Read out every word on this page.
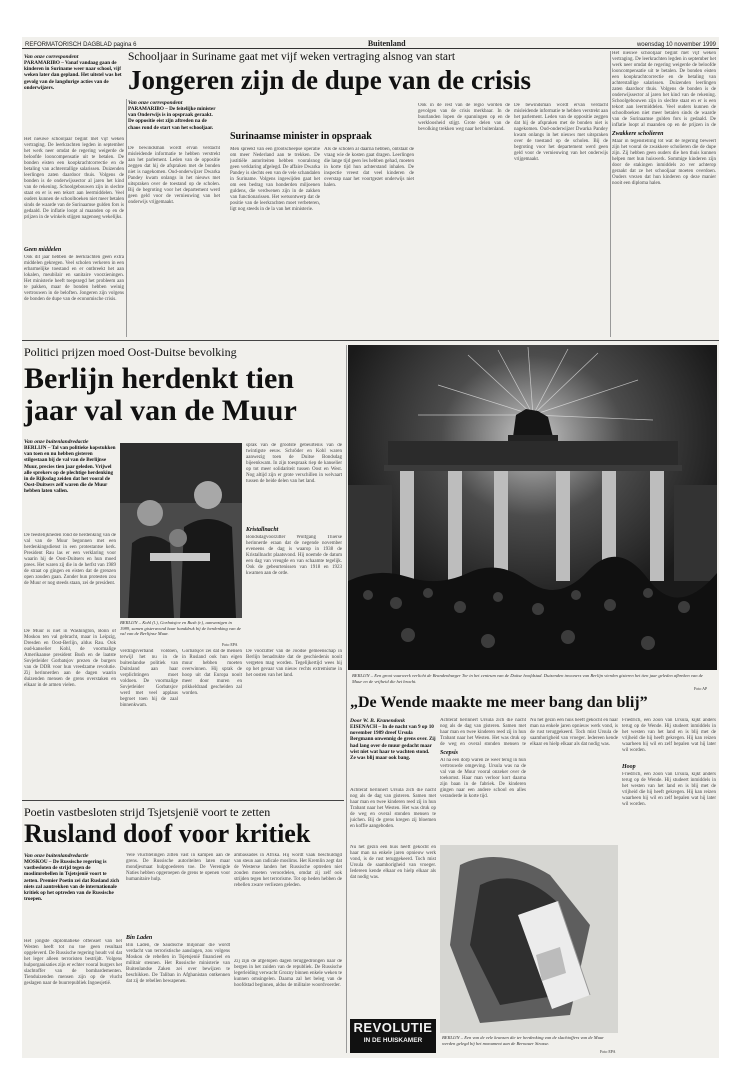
REFORMATORISCH DAGBLAD pagina 6	Buitenland	woensdag 10 november 1999
Van onze correspondent
PARAMARIBO – Vanaf vandaag gaan de kinderen in Suriname weer naar school, vijf weken later dan gepland. Het uitstel was het gevolg van de langdurige acties van de onderwijzers.
Het nieuwe schooljaar begint met vijf weken vertraging. De leerkrachten legden in september het werk neer omdat de regering weigerde de beloofde looncompensatie uit te betalen. De bonden eisten een koopkrachtcorrectie en de betaling van achterstallige salarissen. Duizenden leerlingen zaten daardoor thuis. Volgens de bonden is de onderwijssector al jaren het kind van de rekening. Schoolgebouwen zijn in slechte staat en er is een tekort aan leermiddelen. Veel ouders kunnen de schoolboeken niet meer betalen sinds de waarde van de Surinaamse gulden fors is gedaald. De inflatie loopt al maanden op en de prijzen in de winkels stijgen nagenoeg wekelijks.
Geen middelen
Ook dit jaar hebben de leerkrachten geen extra middelen gekregen. Veel scholen verkeren in een erbarmelijke toestand en er ontbreekt het aan lokalen, meubilair en sanitaire voorzieningen. Het ministerie heeft toegezegd het probleem aan te pakken, maar de bonden hebben weinig vertrouwen in de beloften. Jongeren zijn volgens de bonden de dupe van de economische crisis.
Schooljaar in Suriname gaat met vijf weken vertraging alsnog van start
Jongeren zijn de dupe van de crisis
Van onze correspondent
PARAMARIBO – De feitelijke minister van Onderwijs is in opspraak geraakt. De oppositie eist zijn aftreden na de chaos rond de start van het schooljaar.
De bewindsman wordt ervan verdacht misleidende informatie te hebben verstrekt aan het parlement. Leden van de oppositie zeggen dat hij de afspraken met de bonden niet is nagekomen. Oud-onderwijzer Dwarka Pandey kwam onlangs in het nieuws met uitspraken over de toestand op de scholen. Bij de begroting voor het departement werd geen geld voor de vernieuwing van het onderwijs vrijgemaakt.
Surinaamse minister in opspraak
Men spreekt van een grootscheepse operatie om meer Nederland aan te trekken. De justitiële autoriteiten hebben vooralsnog geen verklaring afgelegd. De affaire Dwarka Pandey is slechts een van de vele schandalen in Suriname. Volgens ingewijden gaat het om een bedrag van honderden miljoenen guldens, die verdwenen zijn in de zakken van functionarissen. Het wetsontwerp dat de positie van de leerkrachten moet verbeteren, ligt nog steeds in de la van het ministerie.
Als de scholen al daarna hebben, ontstaat de vraag wie de kosten gaat dragen. Leerlingen die lange tijd geen les hebben gehad, moeten in korte tijd hun achterstand inhalen. De inspectie vreest dat veel kinderen de overstap naar het voortgezet onderwijs niet halen.
Ook in de rest van de regio worden de gevolgen van de crisis merkbaar. In de buurlanden lopen de spanningen op en de werkloosheid stijgt. Grote delen van de bevolking trekken weg naar het buitenland.
De bewindsman wordt ervan verdacht misleidende informatie te hebben verstrekt aan het parlement. Leden van de oppositie zeggen dat hij de afspraken met de bonden niet is nagekomen. Oud-onderwijzer Dwarka Pandey kwam onlangs in het nieuws met uitspraken over de toestand op de scholen. Bij de begroting voor het departement werd geen geld voor de vernieuwing van het onderwijs vrijgemaakt.
Het nieuwe schooljaar begint met vijf weken vertraging. De leerkrachten legden in september het werk neer omdat de regering weigerde de beloofde looncompensatie uit te betalen. De bonden eisten een koopkrachtcorrectie en de betaling van achterstallige salarissen. Duizenden leerlingen zaten daardoor thuis. Volgens de bonden is de onderwijssector al jaren het kind van de rekening. Schoolgebouwen zijn in slechte staat en er is een tekort aan leermiddelen. Veel ouders kunnen de schoolboeken niet meer betalen sinds de waarde van de Surinaamse gulden fors is gedaald. De inflatie loopt al maanden op en de prijzen in de
Zwakkere scholieren
Maar in tegenstelling tot wat de regering beweert zijn het vooral de zwakkere scholieren die de dupe zijn. Zij hebben geen ouders die hen thuis kunnen helpen met hun huiswerk. Sommige kinderen zijn door de stakingen inmiddels zo ver achterop geraakt dat ze het schooljaar moeten overdoen. Ouders vrezen dat hun kinderen op deze manier nooit een diploma halen.
Politici prijzen moed Oost-Duitse bevolking
Berlijn herdenkt tien
jaar val van de Muur
Van onze buitenlandredactie
BERLIJN – Tal van politieke kopstukken van toen en nu hebben gisteren stilgestaan bij de val van de Berlijnse Muur, precies tien jaar geleden. Vrijwel alle sprekers op de plechtige herdenking in de Rijksdag zeiden dat het vooral de Oost-Duitsers zelf waren die de Muur hebben laten vallen.
De feestelijkheden rond de herdenking van de val van de Muur begonnen met een herdenkingsdienst in een protestantse kerk. President Rau las er een verklaring voor waarin hij de Oost-Duitsers en hun moed prees. Het waren zij die in de herfst van 1989 de straat op gingen en eisten dat de grenzen open zouden gaan. Zonder hun protesten zou de Muur er nog steeds staan, zei de president.
De Muur is niet in Washington, Bonn of Moskou ten val gebracht, maar in Leipzig, Dresden en Oost-Berlijn, aldus Rau. Ook oud-kanselier Kohl, de voormalige Amerikaanse president Bush en de laatste Sovjetleider Gorbatsjov prezen de burgers van de DDR voor hun vreedzame revolutie. Zij herinnerden aan de dagen waarin duizenden mensen de grens overstaken en elkaar in de armen vielen.
BERLIJN – Kohl (l.), Gorbatsjov en Bush (r.), aanwezigen in 1989, samen gisteravond haar handdruk bij de herdenking van de val van de Berlijnse Muur.
Foto EPA
verdragsverband voldoen, terwijl het nu in de buitenlandse politiek van Duitsland aan haar verplichtingen moet voldoen. De voormalige Sovjetleider Gorbatsjov werd met veel applaus begroet toen hij de zaal binnenkwam.
Gorbatsjov zei dat de mensen in Rusland ook hun eigen muur hebben moeten overwinnen. Hij sprak de hoop uit dat Europa nooit meer door muren en prikkeldraad gescheiden zal worden.
sprak van de grootste gebeurtenis van de twintigste eeuw. Schröder en Kohl waren aanwezig toen de Duitse Bondsdag bijeenkwam. In zijn toespraak riep de kanselier op tot meer solidariteit tussen Oost en West. Nog altijd zijn er grote verschillen in welvaart tussen de beide delen van het land.
Kristallnacht
Bondsdagvoorzitter Wolfgang Thierse herinnerde eraan dat de negende november eveneens de dag is waarop in 1938 de Kristallnacht plaatsvond. Hij noemde de datum een dag van vreugde en van schaamte tegelijk. Ook de gebeurtenissen van 1918 en 1923 kwamen aan de orde.
De voorzitter van de Joodse gemeenschap in Berlijn benadrukte dat de geschiedenis nooit vergeten mag worden. Tegelijkertijd wees hij op het gevaar van nieuw rechts extremisme in het oosten van het land.	BERLIJN – Een groot vuurwerk verlicht de Brandenburger Tor in het centrum van de Duitse hoofdstad. Duizenden inwoners van Berlijn vierden gisteren het tien jaar geleden afbreken van de Muur en de vrijheid die het bracht.
Foto AP
„De Wende maakte me meer bang dan blij”
Door W. B. Kranendonk
EISENACH – In de nacht van 9 op 10 november 1989 dreef Ursula Bergmann onwennig de grens over. Zij had lang over de muur gedacht maar wist niet wat haar te wachten stond. Ze was blij maar ook bang.
Achteraf herinnert Ursula zich die nacht nog als de dag van gisteren. Samen met haar man en twee kinderen reed zij in hun Trabant naar het Westen. Het was druk op de weg en overal stonden mensen te juichen. Bij de grens kregen zij bloemen en koffie aangeboden.
Achteraf herinnert Ursula zich die nacht nog als de dag van gisteren. Samen met haar man en twee kinderen reed zij in hun Trabant naar het Westen. Het was druk op de weg en overal stonden mensen te
Scepsis
Al na een dorp waren ze weer terug in hun vertrouwde omgeving. Ursula was na de val van de Muur vooral onzeker over de toekomst. Haar man verloor kort daarna zijn baan in de fabriek. De kinderen gingen naar een andere school en alles veranderde in korte tijd.
Nu het gezin een huis heeft gekocht en haar man na enkele jaren opnieuw werk vond, is de rust teruggekeerd. Toch mist Ursula de saamhorigheid van vroeger. Iedereen kende elkaar en hielp elkaar als dat nodig was.
Friedrich, een zoon van Ursula, kijkt anders terug op de Wende. Hij studeert inmiddels in het westen van het land en is blij met de vrijheid die hij heeft gekregen. Hij kan reizen waarheen hij wil en zelf bepalen wat hij later wil worden.
Hoop
Friedrich, een zoon van Ursula, kijkt anders terug op de Wende. Hij studeert inmiddels in het westen van het land en is blij met de vrijheid die hij heeft gekregen. Hij kan reizen waarheen hij wil en zelf bepalen wat hij later wil worden.
REVOLUTIE
IN DE HUISKAMER
Nu het gezin een huis heeft gekocht en haar man na enkele jaren opnieuw werk vond, is de rust teruggekeerd. Toch mist Ursula de saamhorigheid van vroeger. Iedereen kende elkaar en hielp elkaar als dat nodig was.
BERLIJN – Een van de vele kransen die ter herdenking van de slachtoffers van de Muur werden gelegd bij het monument aan de Bernauer Strasse.
Foto EPA
Poetin vastbesloten strijd Tsjetsjenië voort te zetten
Rusland doof voor kritiek
Van onze buitenlandredactie
MOSKOU – De Russische regering is vastbesloten de strijd tegen de moslimrebellen in Tsjetsjenië voort te zetten. Premier Poetin zei dat Rusland zich niets zal aantrekken van de internationale kritiek op het optreden van de Russische troepen.
Het jongste diplomatieke offensief van het Westen heeft tot nu toe geen resultaat opgeleverd. De Russische regering houdt vol dat het leger alleen terroristen bestrijdt. Volgens hulporganisaties zijn er echter vooral burgers het slachtoffer van de bombardementen. Tienduizenden mensen zijn op de vlucht geslagen naar de buurrepubliek Ingoesjetië.
Vele vluchtelingen zitten vast in kampen aan de grens. De Russische autoriteiten laten maar mondjesmaat hulpgoederen toe. De Verenigde Naties hebben opgeroepen de grens te openen voor humanitaire hulp.
Bin Laden
Bin Laden, de Saudische miljonair die wordt verdacht van terroristische aanslagen, zou volgens Moskou de rebellen in Tsjetsjenië financieel en militair steunen. Het Russische ministerie van Buitenlandse Zaken zei over bewijzen te beschikken. De Taliban in Afghanistan ontkennen dat zij de rebellen bewapenen.
ambassades in Afrika. Hij wordt vaak beschuldigd van steun aan radicale moslims. Het Kremlin zegt dat de Westerse landen het Russische optreden niet zouden moeten veroordelen, omdat zij zelf ook strijden tegen het terrorisme. Tot op heden hebben de rebellen zware verliezen geleden.
Zij zijn de afgelopen dagen teruggedrongen naar de bergen in het zuiden van de republiek. De Russische legerleiding verwacht Grozny binnen enkele weken te kunnen omsingelen. Daarna zal het beleg van de hoofdstad beginnen, aldus de militaire woordvoerder.
